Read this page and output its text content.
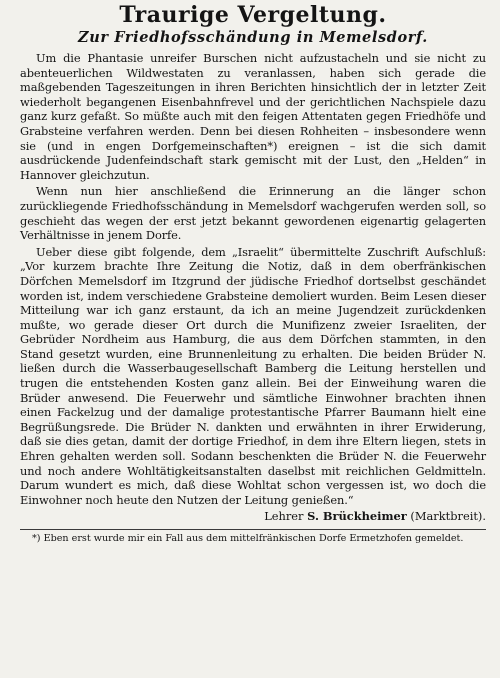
Traurige Vergeltung.
Zur Friedhofsschändung in Memelsdorf.

Um die Phantasie unreifer Burschen nicht aufzustacheln und sie nicht zu abenteuerlichen Wildwestaten zu veranlassen, haben sich gerade die maßgebenden Tageszeitungen in ihren Berichten hinsichtlich der in letzter Zeit wiederholt begangenen Eisenbahnfrevel und der gerichtlichen Nachspiele dazu ganz kurz gefaßt. So müßte auch mit den feigen Attentaten gegen Friedhöfe und Grabsteine verfahren werden. Denn bei diesen Rohheiten – insbesondere wenn sie (und in engen Dorfgemeinschaften*) ereignen – ist die sich damit ausdrückende Judenfeindschaft stark gemischt mit der Lust, den „Helden“ in Hannover gleichzutun.

Wenn nun hier anschließend die Erinnerung an die länger schon zurückliegende Friedhofsschändung in Memelsdorf wachgerufen werden soll, so geschieht das wegen der erst jetzt bekannt gewordenen eigenartig gelagerten Verhältnisse in jenem Dorfe.

Ueber diese gibt folgende, dem „Israelit“ übermittelte Zuschrift Aufschluß: „Vor kurzem brachte Ihre Zeitung die Notiz, daß in dem oberfränkischen Dörfchen Memelsdorf im Itzgrund der jüdische Friedhof dortselbst geschändet worden ist, indem verschiedene Grabsteine demoliert wurden. Beim Lesen dieser Mitteilung war ich ganz erstaunt, da ich an meine Jugendzeit zurückdenken mußte, wo gerade dieser Ort durch die Munifizenz zweier Israeliten, der Gebrüder Nordheim aus Hamburg, die aus dem Dörfchen stammten, in den Stand gesetzt wurden, eine Brunnenleitung zu erhalten. Die beiden Brüder N. ließen durch die Wasserbaugesellschaft Bamberg die Leitung herstellen und trugen die entstehenden Kosten ganz allein. Bei der Einweihung waren die Brüder anwesend. Die Feuerwehr und sämtliche Einwohner brachten ihnen einen Fackelzug und der damalige protestantische Pfarrer Baumann hielt eine Begrüßungsrede. Die Brüder N. dankten und erwähnten in ihrer Erwiderung, daß sie dies getan, damit der dortige Friedhof, in dem ihre Eltern liegen, stets in Ehren gehalten werden soll. Sodann beschenkten die Brüder N. die Feuerwehr und noch andere Wohltätigkeitsanstalten daselbst mit reichlichen Geldmitteln. Darum wundert es mich, daß diese Wohltat schon vergessen ist, wo doch die Einwohner noch heute den Nutzen der Leitung genießen.“

Lehrer S. Brückheimer (Marktbreit).

*) Eben erst wurde mir ein Fall aus dem mittelfränkischen Dorfe Ermetzhofen gemeldet.
